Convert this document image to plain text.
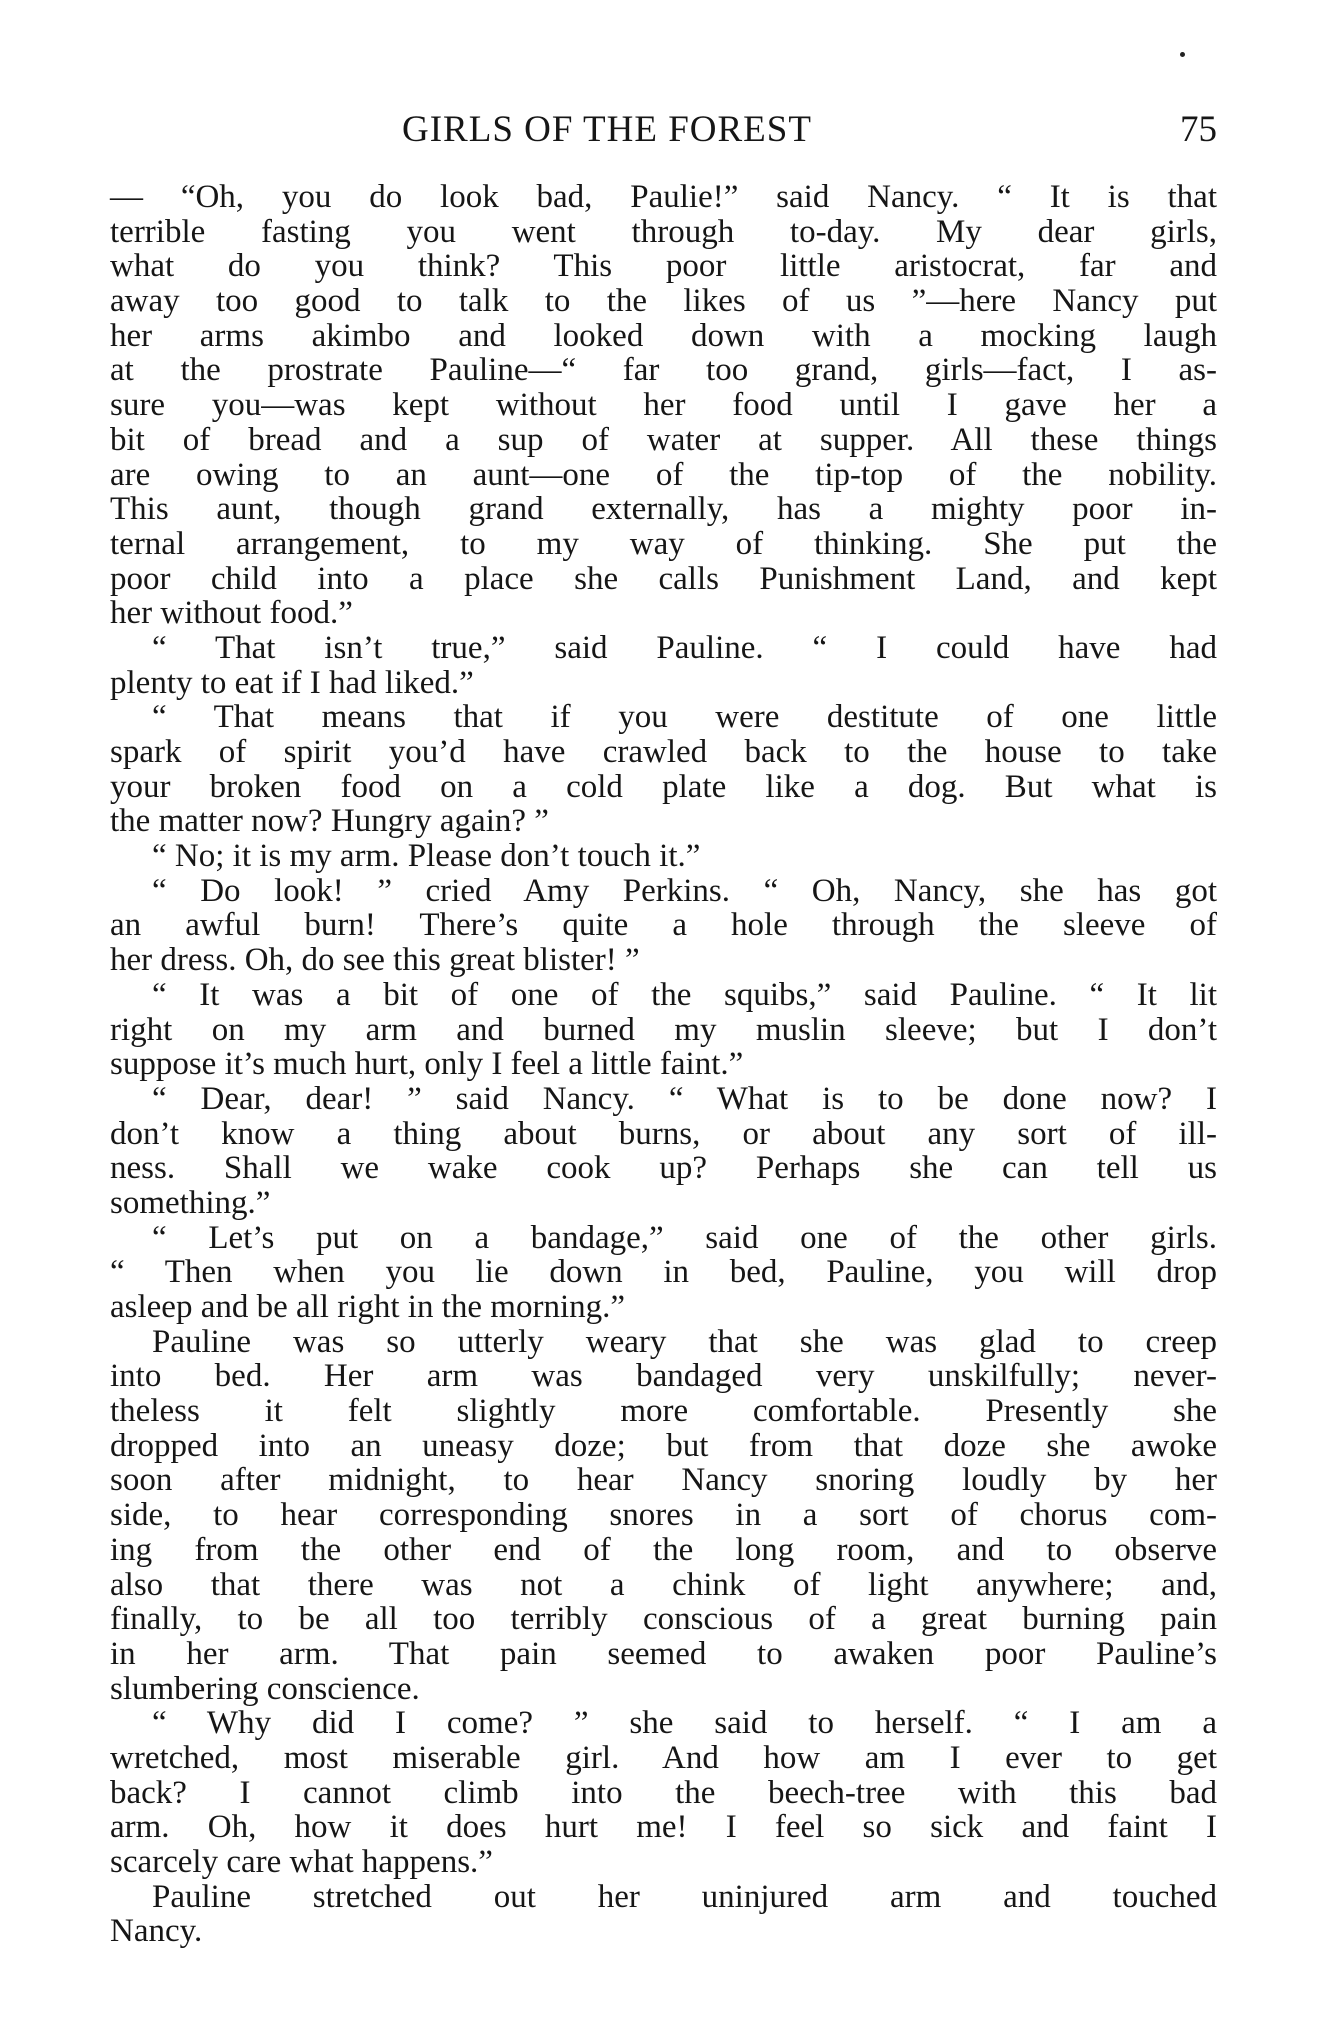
GIRLS OF THE FOREST	75
— “Oh, you do look bad, Paulie!” said Nancy. “ It is that
terrible fasting you went through to-day. My dear girls,
what do you think? This poor little aristocrat, far and
away too good to talk to the likes of us ”—here Nancy put
her arms akimbo and looked down with a mocking laugh
at the prostrate Pauline—“ far too grand, girls—fact, I as-
sure you—was kept without her food until I gave her a
bit of bread and a sup of water at supper. All these things
are owing to an aunt—one of the tip-top of the nobility.
This aunt, though grand externally, has a mighty poor in-
ternal arrangement, to my way of thinking. She put the
poor child into a place she calls Punishment Land, and kept
her without food.”
“ That isn’t true,” said Pauline. “ I could have had
plenty to eat if I had liked.”
“ That means that if you were destitute of one little
spark of spirit you’d have crawled back to the house to take
your broken food on a cold plate like a dog. But what is
the matter now? Hungry again? ”
“ No; it is my arm. Please don’t touch it.”
“ Do look! ” cried Amy Perkins. “ Oh, Nancy, she has got
an awful burn! There’s quite a hole through the sleeve of
her dress. Oh, do see this great blister! ”
“ It was a bit of one of the squibs,” said Pauline. “ It lit
right on my arm and burned my muslin sleeve; but I don’t
suppose it’s much hurt, only I feel a little faint.”
“ Dear, dear! ” said Nancy. “ What is to be done now? I
don’t know a thing about burns, or about any sort of ill-
ness. Shall we wake cook up? Perhaps she can tell us
something.”
“ Let’s put on a bandage,” said one of the other girls.
“ Then when you lie down in bed, Pauline, you will drop
asleep and be all right in the morning.”
Pauline was so utterly weary that she was glad to creep
into bed. Her arm was bandaged very unskilfully; never-
theless it felt slightly more comfortable. Presently she
dropped into an uneasy doze; but from that doze she awoke
soon after midnight, to hear Nancy snoring loudly by her
side, to hear corresponding snores in a sort of chorus com-
ing from the other end of the long room, and to observe
also that there was not a chink of light anywhere; and,
finally, to be all too terribly conscious of a great burning pain
in her arm. That pain seemed to awaken poor Pauline’s
slumbering conscience.
“ Why did I come? ” she said to herself. “ I am a
wretched, most miserable girl. And how am I ever to get
back? I cannot climb into the beech-tree with this bad
arm. Oh, how it does hurt me! I feel so sick and faint I
scarcely care what happens.”
Pauline stretched out her uninjured arm and touched
Nancy.
